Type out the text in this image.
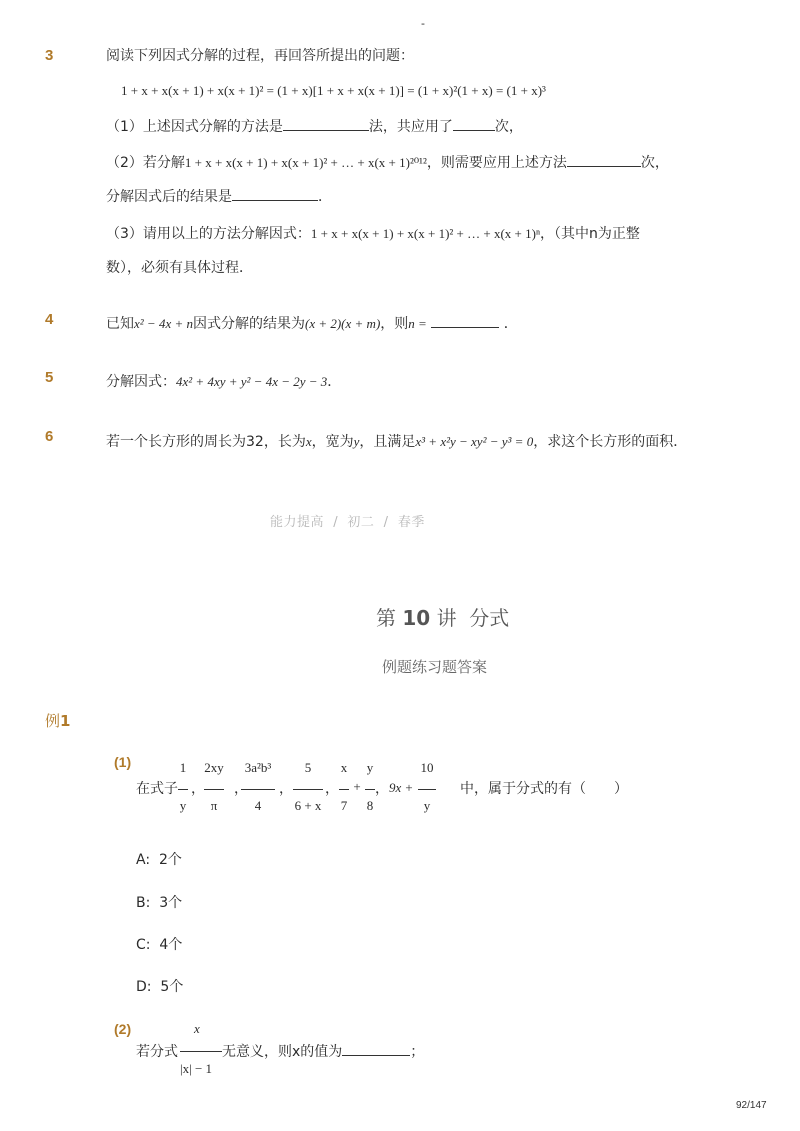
-
3	阅读下列因式分解的过程，再回答所提出的问题：
1 + x + x(x + 1) + x(x + 1)² = (1 + x)[1 + x + x(x + 1)] = (1 + x)²(1 + x) = (1 + x)³
（1）上述因式分解的方法是	法，共应用了	次，
（2）若分解1 + x + x(x + 1) + x(x + 1)² + … + x(x + 1)²⁰¹²，则需要应用上述方法	次，
分解因式后的结果是	．
（3）请用以上的方法分解因式：1 + x + x(x + 1) + x(x + 1)² + … + x(x + 1)ⁿ，（其中n为正整
数），必须有具体过程．
4	已知x² − 4x + n因式分解的结果为(x + 2)(x + m)，则n =	．
5	分解因式：4x² + 4xy + y² − 4x − 2y − 3．
6	若一个长方形的周长为32，长为x，宽为y，且满足x³ + x²y − xy² − y³ = 0，求这个长方形的面积．
能力提高  /  初二  /  春季
第 10 讲  分式
例题练习题答案
例1
(1)
在式子
1
y
2xy
π
3a²b³
4
5
6 + x
x
7
y
8
10
y
， ， ， ，	，
+ 9x +	中，属于分式的有（　　）
A: 2个
B: 3个
C: 4个
D: 5个
(2)
若分式
x
|x| − 1
无意义，则x的值为	；
92/147
